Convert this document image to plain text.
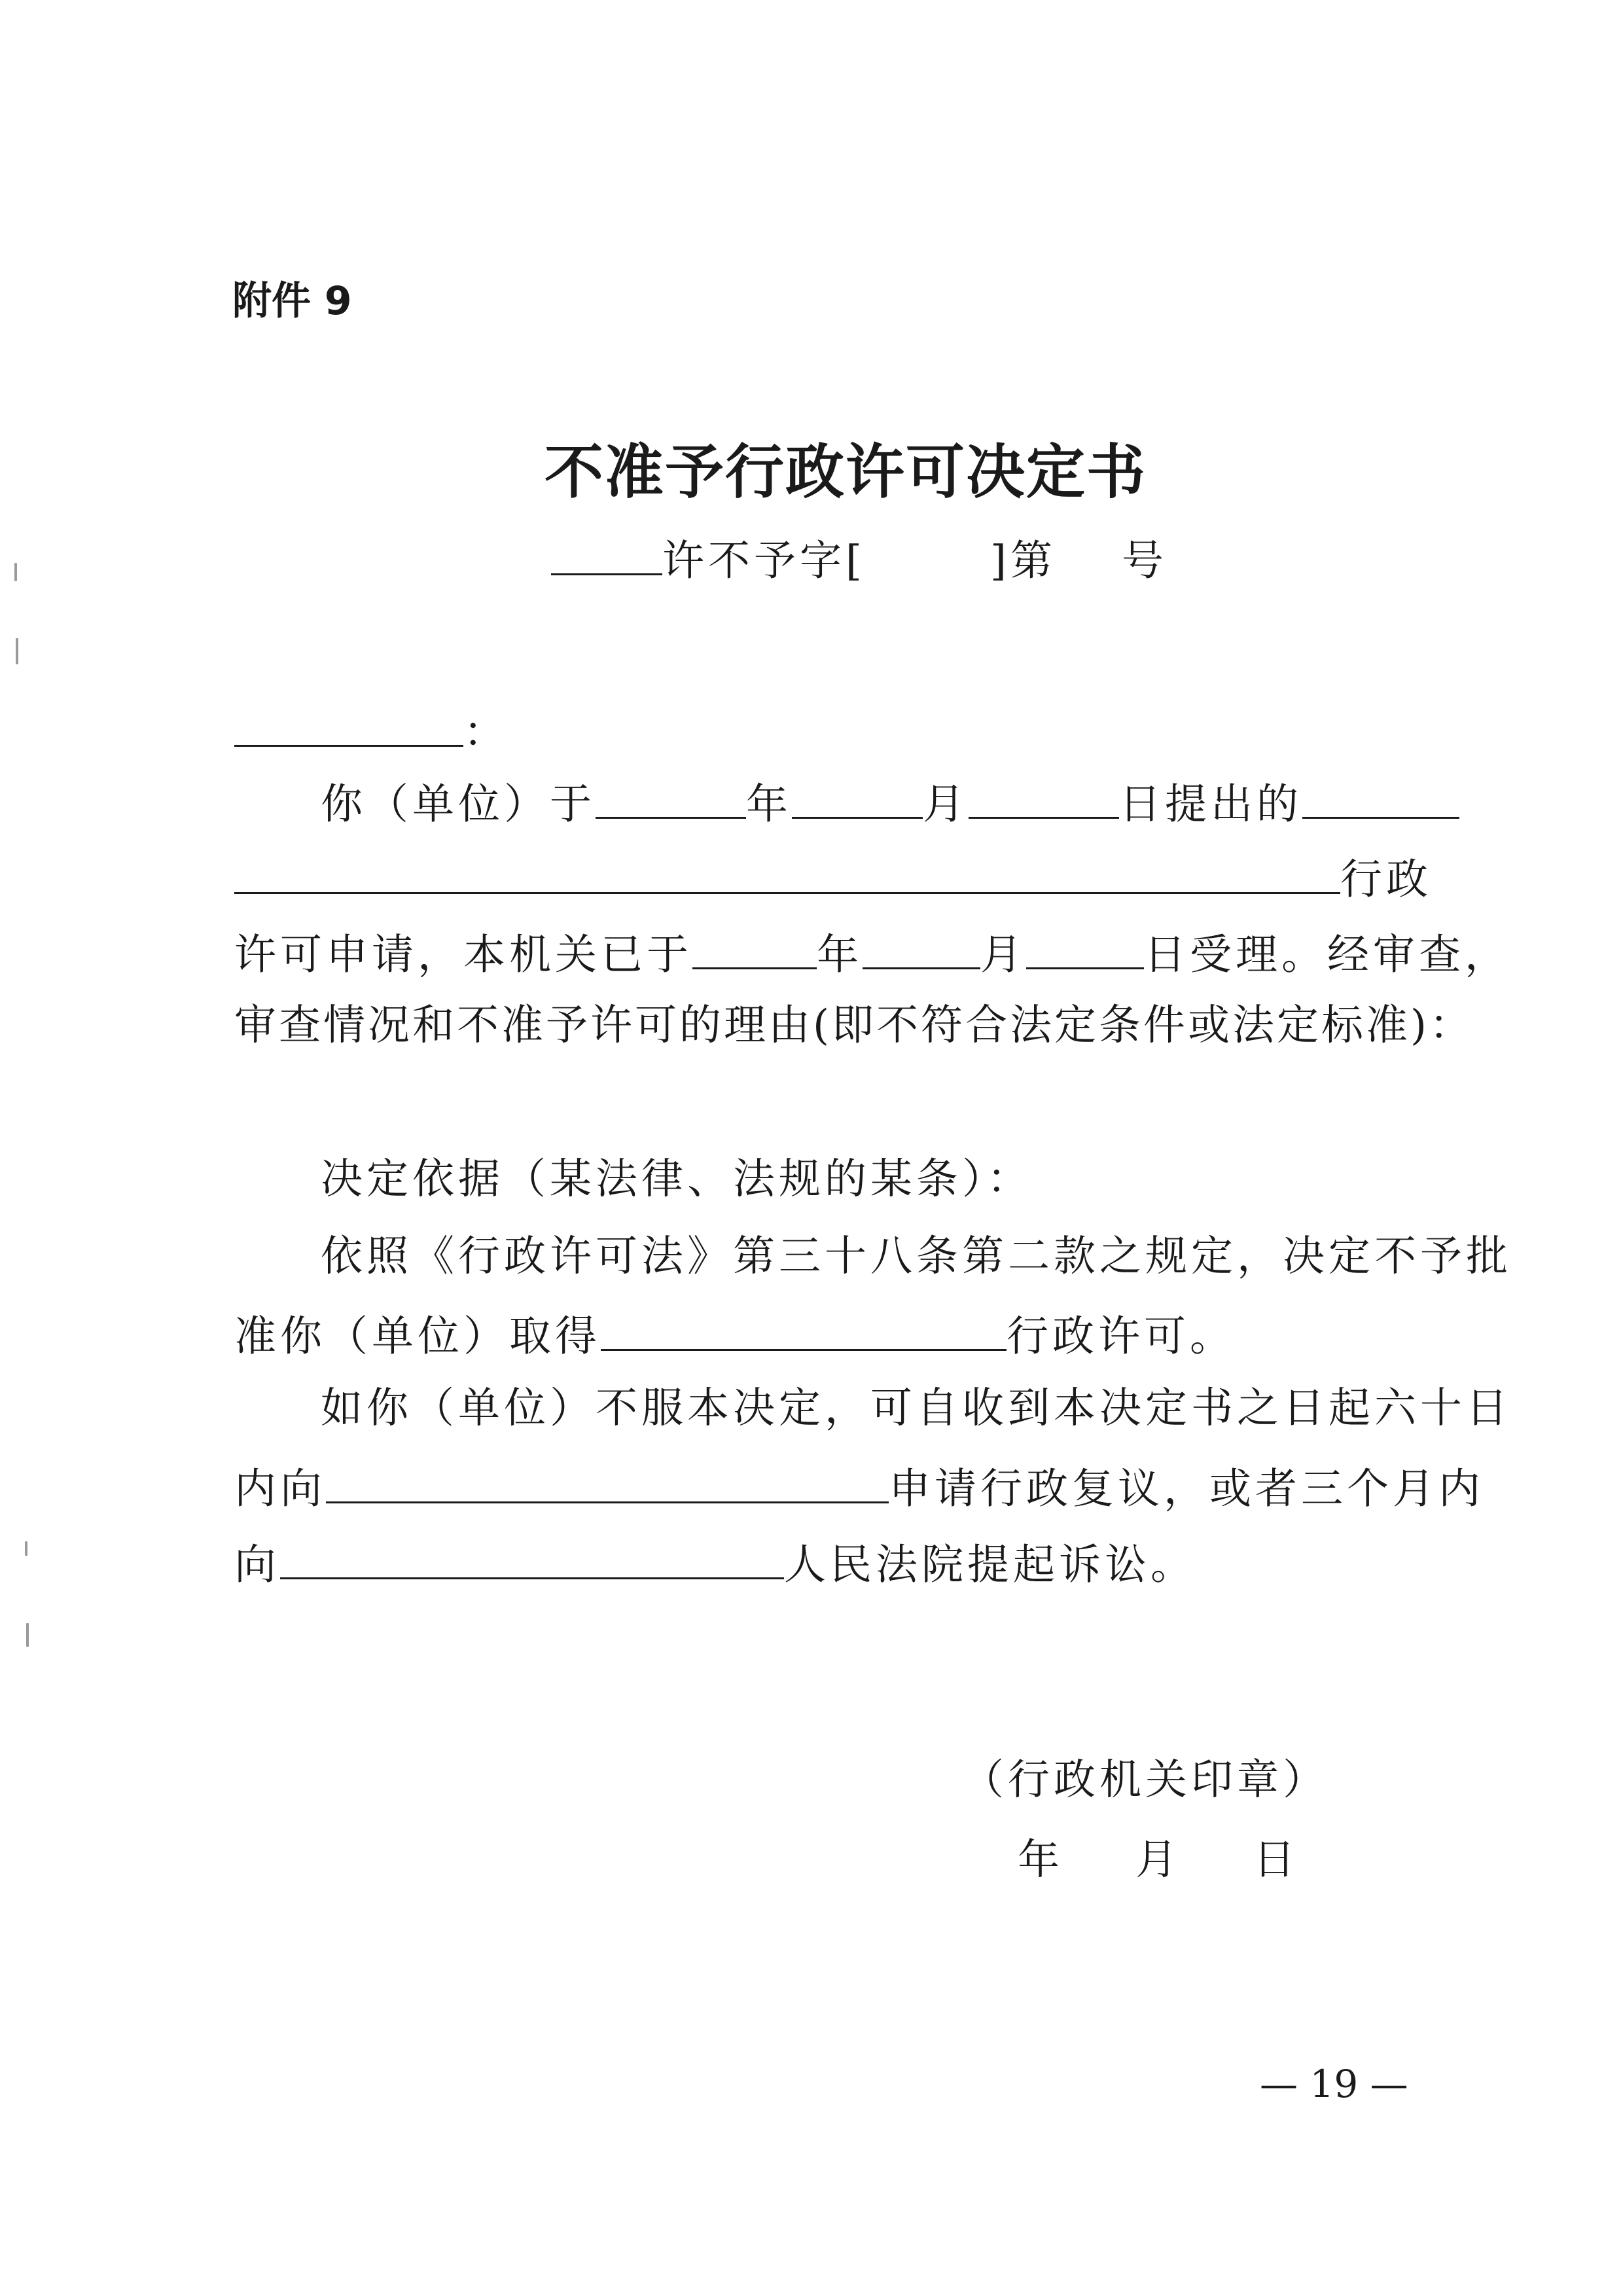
附件 9
不准予行政许可决定书
许不予字[	]第 号
：
你（单位）于	年	月	日提出的
行政
许可申请，本机关已于	年	月	日受理。经审查，
审查情况和不准予许可的理由(即不符合法定条件或法定标准)：
决定依据（某法律、法规的某条）：
依照《行政许可法》第三十八条第二款之规定，决定不予批
准你（单位）取得	行政许可。
如你（单位）不服本决定，可自收到本决定书之日起六十日
内向	申请行政复议，或者三个月内
向	人民法院提起诉讼。
（行政机关印章）
年 月 日
— 19 —
